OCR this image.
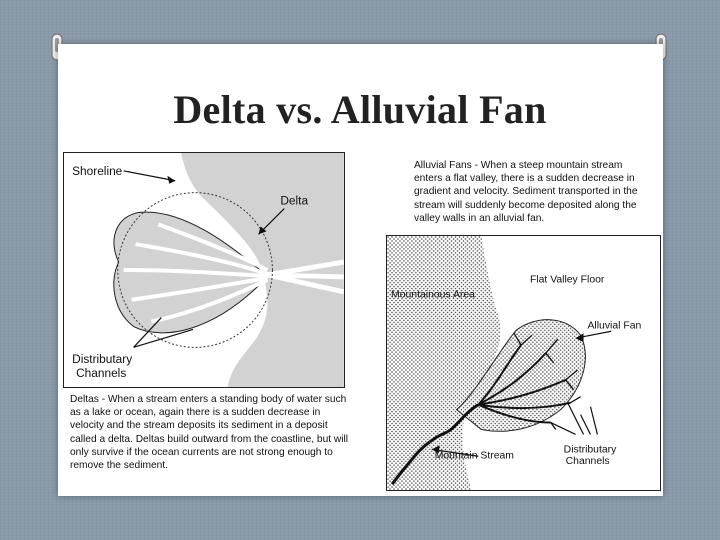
Delta vs. Alluvial Fan
Shoreline
Delta
Distributary
Channels

Deltas - When a stream enters a standing body of water such as a lake or ocean, again there is a sudden decrease in velocity and the stream deposits its sediment in a deposit called a delta. Deltas build outward from the coastline, but will only survive if the ocean currents are not strong enough to remove the sediment.

Alluvial Fans - When a steep mountain stream enters a flat valley, there is a sudden decrease in gradient and velocity. Sediment transported in the stream will suddenly become deposited along the valley walls in an alluvial fan.

Mountainous Area
Flat Valley Floor
Alluvial Fan
Distributary
Channels
Mountain Stream
